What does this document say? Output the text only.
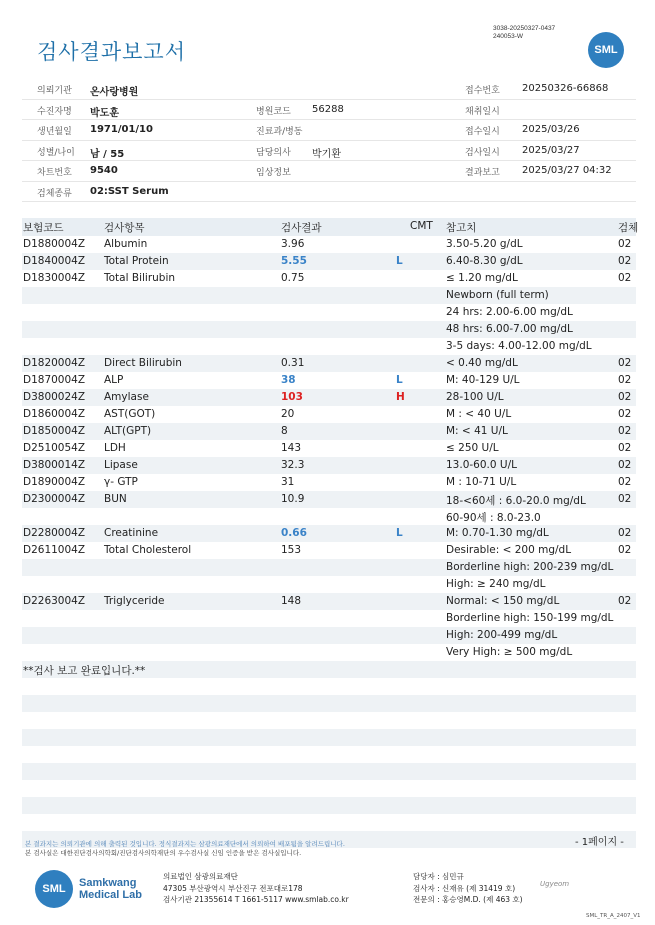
3038-20250327-0437
240053-W
검사결과보고서	SML
의뢰기관 온사랑병원	접수번호 20250326-66868
수진자명 박도훈	병원코드 56288	채취일시
생년월일 1971/01/10	진료과/병동	접수일시 2025/03/26
성별/나이 남 / 55	담당의사 박기환	검사일시 2025/03/27
차트번호 9540	임상정보	결과보고 2025/03/27 04:32
검체종류 02:SST Serum
보험코드	검사항목	검사결과	CMT 참고치	검체
D1880004Z Albumin	3.96	3.50-5.20 g/dL	02
D1840004Z Total Protein	5.55	L	6.40-8.30 g/dL	02
D1830004Z Total Bilirubin	0.75	≤ 1.20 mg/dL	02
Newborn (full term)
24 hrs: 2.00-6.00 mg/dL
48 hrs: 6.00-7.00 mg/dL
3-5 days: 4.00-12.00 mg/dL
D1820004Z Direct Bilirubin	0.31	< 0.40 mg/dL	02
D1870004Z ALP	38	L	M: 40-129 U/L	02
D3800024Z Amylase	103	H	28-100 U/L	02
D1860004Z AST(GOT)	20	M : < 40 U/L	02
D1850004Z ALT(GPT)	8	M: < 41 U/L	02
D2510054Z LDH	143	≤ 250 U/L	02
D3800014Z Lipase	32.3	13.0-60.0 U/L	02
D1890004Z γ- GTP	31	M : 10-71 U/L	02
D2300004Z BUN	10.9	18-<60세 : 6.0-20.0 mg/dL	02
60-90세 : 8.0-23.0
D2280004Z Creatinine	0.66	L	M: 0.70-1.30 mg/dL	02
D2611004Z Total Cholesterol	153	Desirable: < 200 mg/dL	02
Borderline high: 200-239 mg/dL
High: ≥ 240 mg/dL
D2263004Z Triglyceride	148	Normal: < 150 mg/dL	02
Borderline high: 150-199 mg/dL
High: 200-499 mg/dL
Very High: ≥ 500 mg/dL
**검사 보고 완료입니다.**
- 1페이지 -
본 결과지는 의뢰기관에 의해 출력된 것입니다. 정식결과지는 삼광의료재단에서 의뢰하여 배포됨을 알려드립니다.
본 검사실은 대한진단검사의학회/진단검사의학재단의 우수검사실 신임 인증을 받은 검사실입니다.
SML	Samkwang
Medical Lab
의료법인 삼광의료재단
47305 부산광역시 부산진구 전포대로178
검사기관 21355614 T 1661-5117 www.smlab.co.kr
담당자 : 심민규
검사자 : 신재유 (제 31419 호)
전문의 : 홍승영M.D. (제 463 호)
Ugyeom
SML_TR_A_2407_V1
